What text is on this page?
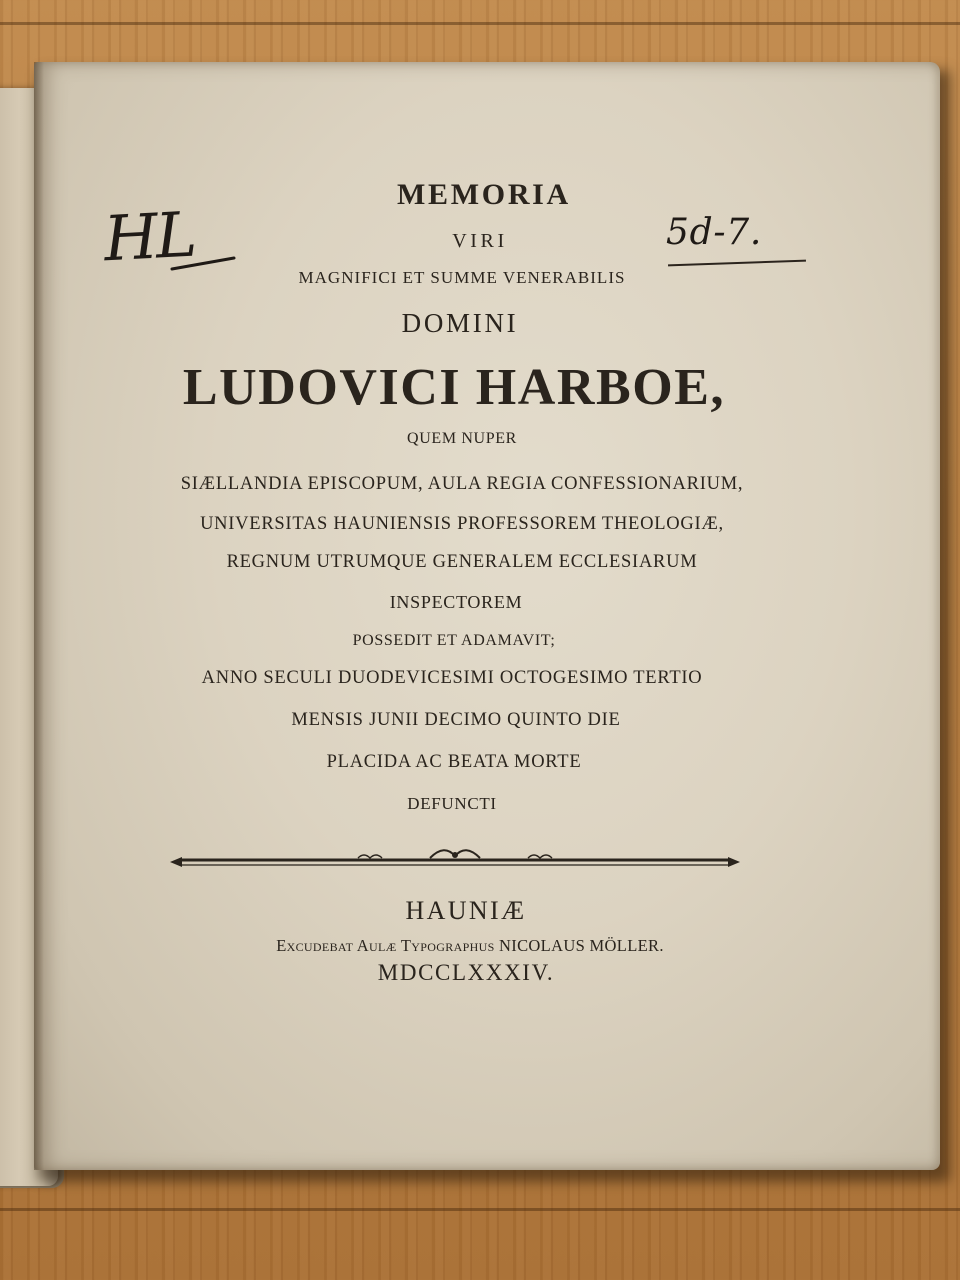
HL	5d-7.
MEMORIA
VIRI
MAGNIFICI ET SUMME VENERABILIS
DOMINI
LUDOVICI HARBOE,
QUEM NUPER
SIÆLLANDIA EPISCOPUM, AULA REGIA CONFESSIONARIUM,
UNIVERSITAS HAUNIENSIS PROFESSOREM THEOLOGIÆ,
REGNUM UTRUMQUE GENERALEM ECCLESIARUM
INSPECTOREM
POSSEDIT ET ADAMAVIT;
ANNO SECULI DUODEVICESIMI OCTOGESIMO TERTIO
MENSIS JUNII DECIMO QUINTO DIE
PLACIDA AC BEATA MORTE
DEFUNCTI
HAUNIÆ
Excudebat Aulæ Typographus NICOLAUS MÖLLER.
MDCCLXXXIV.
